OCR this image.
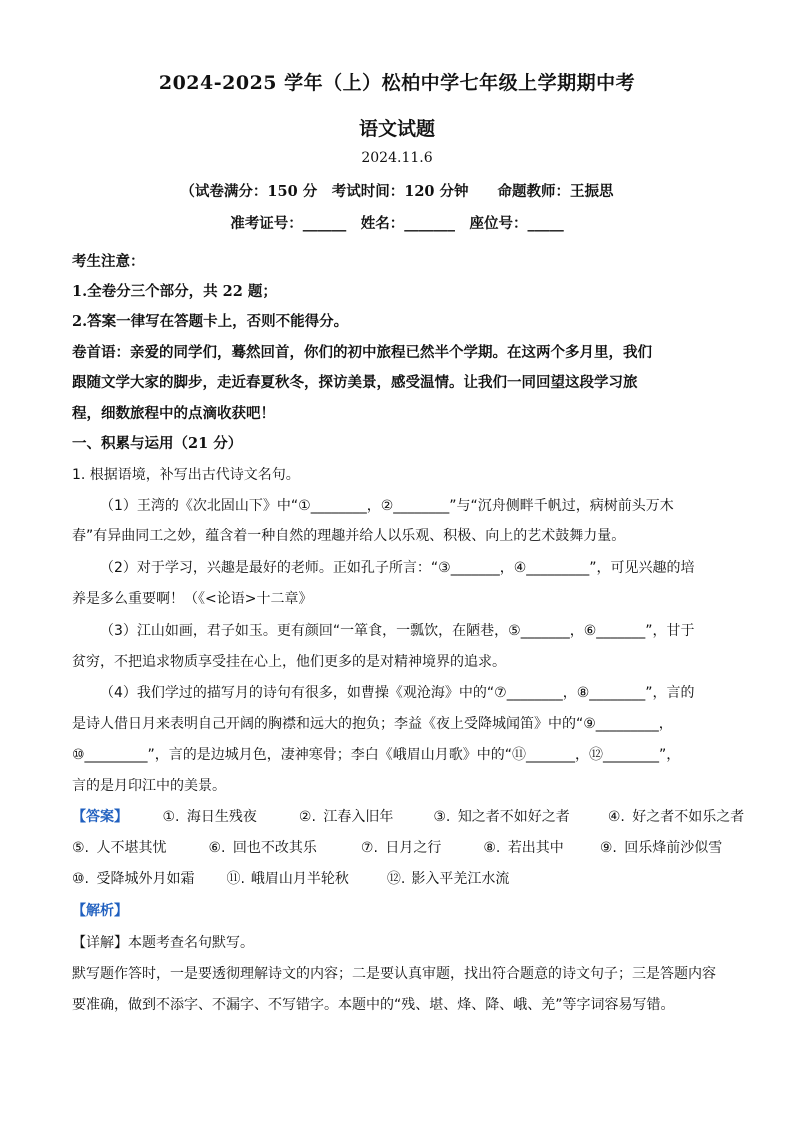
2024-2025 学年（上）松柏中学七年级上学期期中考
语文试题
2024.11.6
（试卷满分：150 分　考试时间：120 分钟　　命题教师：王振思
准考证号：______　姓名：_______　座位号：_____
考生注意：
1.全卷分三个部分，共 22 题；
2.答案一律写在答题卡上，否则不能得分。
卷首语：亲爱的同学们，蓦然回首，你们的初中旅程已然半个学期。在这两个多月里，我们
跟随文学大家的脚步，走近春夏秋冬，探访美景，感受温情。让我们一同回望这段学习旅
程，细数旅程中的点滴收获吧！
一、积累与运用（21 分）
1. 根据语境，补写出古代诗文名句。
（1）王湾的《次北固山下》中“①________，②________”与“沉舟侧畔千帆过，病树前头万木
春”有异曲同工之妙，蕴含着一种自然的理趣并给人以乐观、积极、向上的艺术鼓舞力量。
（2）对于学习，兴趣是最好的老师。正如孔子所言：“③_______，④_________”，可见兴趣的培
养是多么重要啊！（《<论语>十二章》
（3）江山如画，君子如玉。更有颜回“一箪食，一瓢饮，在陋巷，⑤_______，⑥_______”，甘于
贫穷，不把追求物质享受挂在心上，他们更多的是对精神境界的追求。
（4）我们学过的描写月的诗句有很多，如曹操《观沧海》中的“⑦________，⑧________”，言的
是诗人借日月来表明自己开阔的胸襟和远大的抱负；李益《夜上受降城闻笛》中的“⑨_________，
⑩_________”，言的是边城月色，凄神寒骨；李白《峨眉山月歌》中的“⑪_______，⑫________”，
言的是月印江中的美景。
【答案】 ①. 海日生残夜	②. 江春入旧年	③. 知之者不如好之者	④. 好之者不如乐之者
⑤. 人不堪其忧	⑥. 回也不改其乐	⑦. 日月之行	⑧. 若出其中	⑨. 回乐烽前沙似雪
⑩. 受降城外月如霜 ⑪. 峨眉山月半轮秋	⑫. 影入平羌江水流
【解析】
【详解】本题考查名句默写。
默写题作答时，一是要透彻理解诗文的内容；二是要认真审题，找出符合题意的诗文句子；三是答题内容
要准确，做到不添字、不漏字、不写错字。本题中的“残、堪、烽、降、峨、羌”等字词容易写错。
